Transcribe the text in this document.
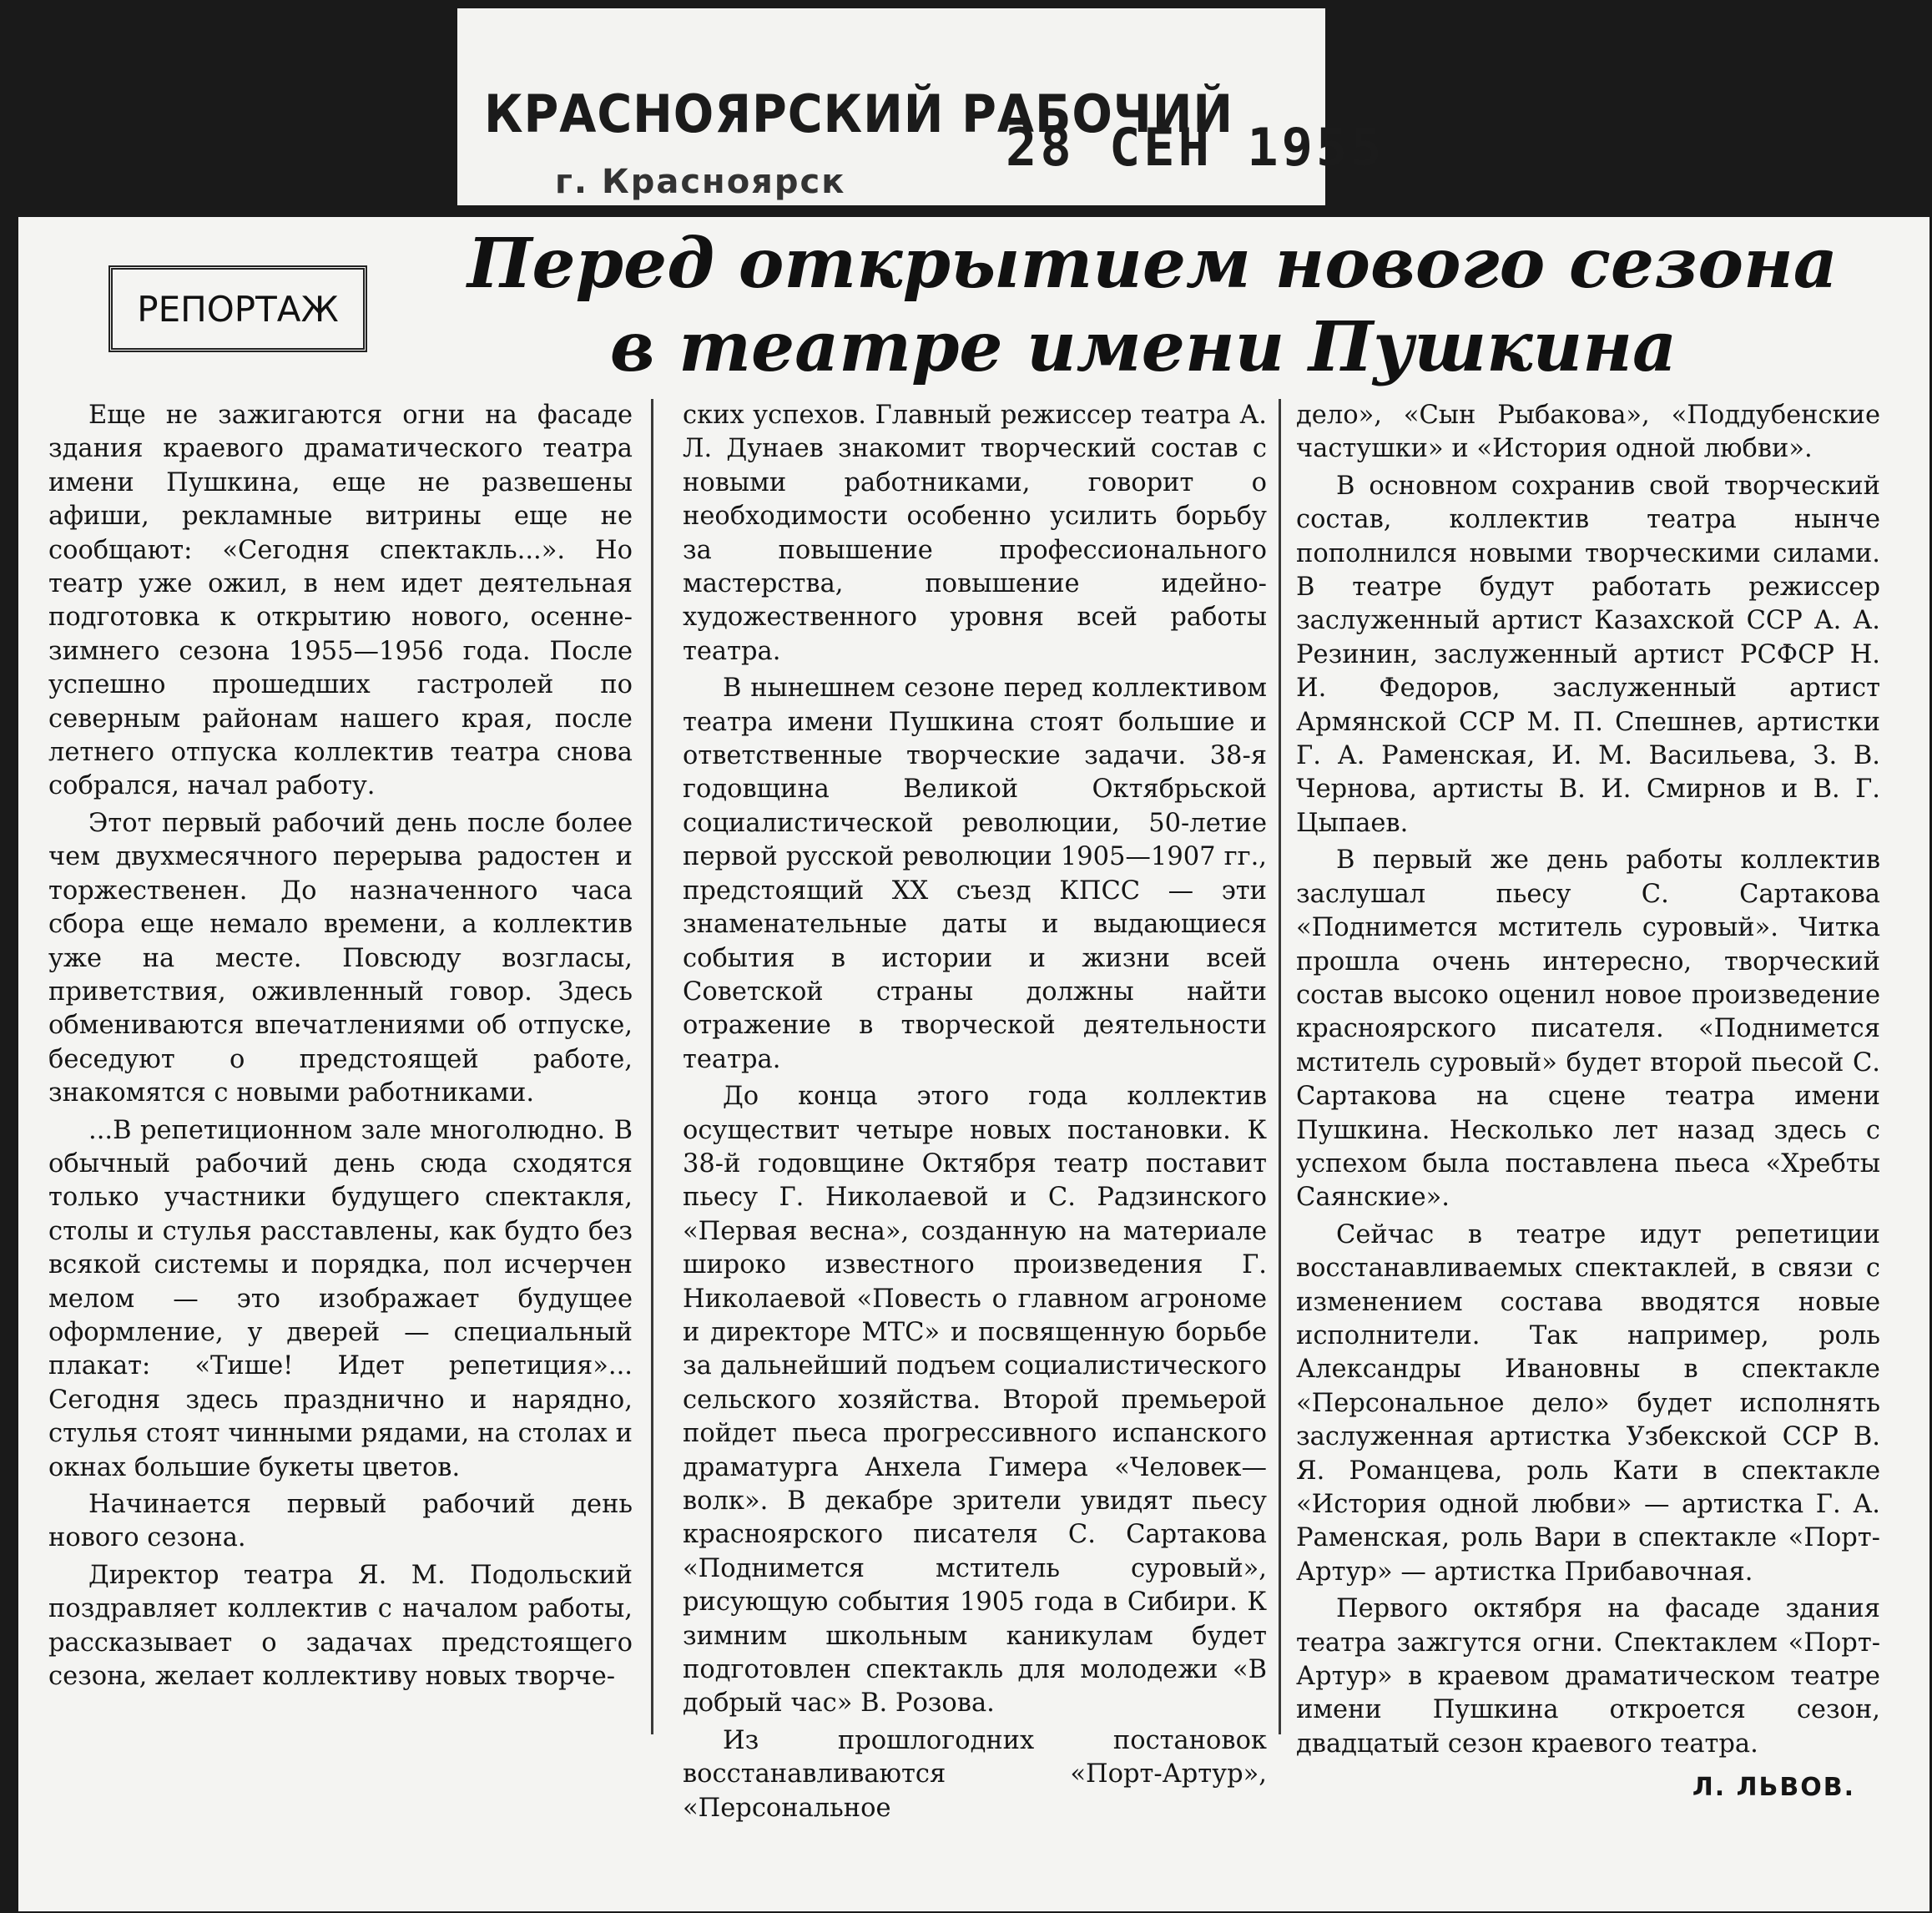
КРАСНОЯРСКИЙ РАБОЧИЙ
28 СЕН 1955
г. Красноярск
РЕПОРТАЖ
Перед открытием нового сезона
в театре имени Пушкина

Еще не зажигаются огни на фасаде здания краевого драматического театра имени Пушкина, еще не развешены афиши, рекламные витрины еще не сообщают: «Сегодня спектакль...». Но театр уже ожил, в нем идет деятельная подготовка к открытию нового, осенне-зимнего сезона 1955—1956 года. После успешно прошедших гастролей по северным районам нашего края, после летнего отпуска коллектив театра снова собрался, начал работу.

Этот первый рабочий день после более чем двухмесячного перерыва радостен и торжественен. До назначенного часа сбора еще немало времени, а коллектив уже на месте. Повсюду возгласы, приветствия, оживленный говор. Здесь обмениваются впечатлениями об отпуске, беседуют о предстоящей работе, знакомятся с новыми работниками.

...В репетиционном зале многолюдно. В обычный рабочий день сюда сходятся только участники будущего спектакля, столы и стулья расставлены, как будто без всякой системы и порядка, пол исчерчен мелом — это изображает будущее оформление, у дверей — специальный плакат: «Тише! Идет репетиция»... Сегодня здесь празднично и нарядно, стулья стоят чинными рядами, на столах и окнах большие букеты цветов.

Начинается первый рабочий день нового сезона.

Директор театра Я. М. Подольский поздравляет коллектив с началом работы, рассказывает о задачах предстоящего сезона, желает коллективу новых творче-

ских успехов. Главный режиссер театра А. Л. Дунаев знакомит творческий состав с новыми работниками, говорит о необходимости особенно усилить борьбу за повышение профессионального мастерства, повышение идейно-художественного уровня всей работы театра.

В нынешнем сезоне перед коллективом театра имени Пушкина стоят большие и ответственные творческие задачи. 38-я годовщина Великой Октябрьской социалистической революции, 50-летие первой русской революции 1905—1907 гг., предстоящий XX съезд КПСС — эти знаменательные даты и выдающиеся события в истории и жизни всей Советской страны должны найти отражение в творческой деятельности театра.

До конца этого года коллектив осуществит четыре новых постановки. К 38-й годовщине Октября театр поставит пьесу Г. Николаевой и С. Радзинского «Первая весна», созданную на материале широко известного произведения Г. Николаевой «Повесть о главном агрономе и директоре МТС» и посвященную борьбе за дальнейший подъем социалистического сельского хозяйства. Второй премьерой пойдет пьеса прогрессивного испанского драматурга Анхела Гимера «Человек—волк». В декабре зрители увидят пьесу красноярского писателя С. Сартакова «Поднимется мститель суровый», рисующую события 1905 года в Сибири. К зимним школьным каникулам будет подготовлен спектакль для молодежи «В добрый час» В. Розова.

Из прошлогодних постановок восстанавливаются «Порт-Артур», «Персональное

дело», «Сын Рыбакова», «Поддубенские частушки» и «История одной любви».

В основном сохранив свой творческий состав, коллектив театра нынче пополнился новыми творческими силами. В театре будут работать режиссер заслуженный артист Казахской ССР А. А. Резинин, заслуженный артист РСФСР Н. И. Федоров, заслуженный артист Армянской ССР М. П. Спешнев, артистки Г. А. Раменская, И. М. Васильева, З. В. Чернова, артисты В. И. Смирнов и В. Г. Цыпаев.

В первый же день работы коллектив заслушал пьесу С. Сартакова «Поднимется мститель суровый». Читка прошла очень интересно, творческий состав высоко оценил новое произведение красноярского писателя. «Поднимется мститель суровый» будет второй пьесой С. Сартакова на сцене театра имени Пушкина. Несколько лет назад здесь с успехом была поставлена пьеса «Хребты Саянские».

Сейчас в театре идут репетиции восстанавливаемых спектаклей, в связи с изменением состава вводятся новые исполнители. Так например, роль Александры Ивановны в спектакле «Персональное дело» будет исполнять заслуженная артистка Узбекской ССР В. Я. Романцева, роль Кати в спектакле «История одной любви» — артистка Г. А. Раменская, роль Вари в спектакле «Порт-Артур» — артистка Прибавочная.

Первого октября на фасаде здания театра зажгутся огни. Спектаклем «Порт-Артур» в краевом драматическом театре имени Пушкина откроется сезон, двадцатый сезон краевого театра.

Л. ЛЬВОВ.
